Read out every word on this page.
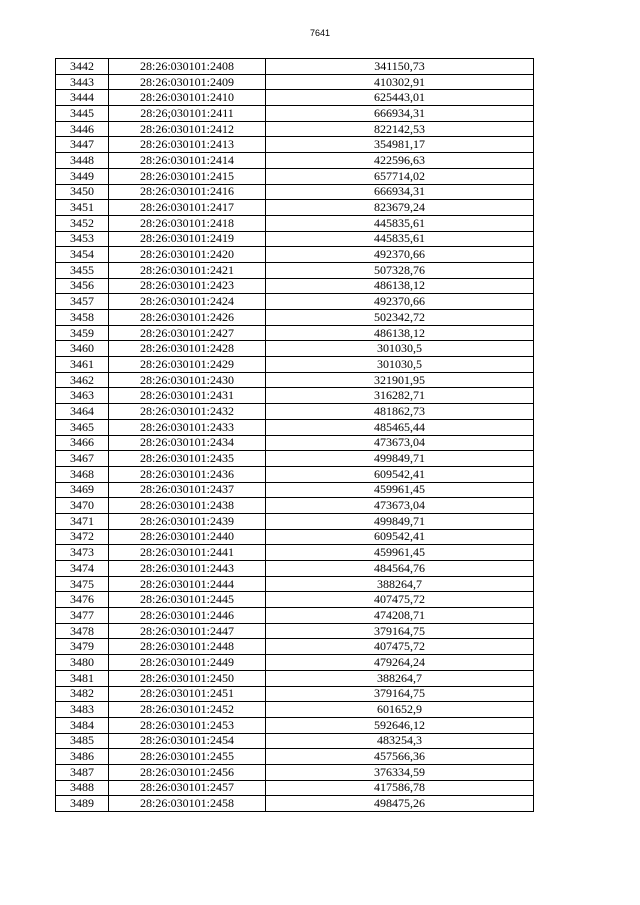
7641
3442	28:26:030101:2408	341150,73
3443	28:26:030101:2409	410302,91
3444	28:26:030101:2410	625443,01
3445	28:26;030101:2411	666934,31
3446	28:26:030101:2412	822142,53
3447	28:26:030101:2413	354981,17
3448	28:26:030101:2414	422596,63
3449	28:26:030101:2415	657714,02
3450	28:26:030101:2416	666934,31
3451	28:26:030101:2417	823679,24
3452	28:26:030101:2418	445835,61
3453	28:26:030101:2419	445835,61
3454	28:26:030101:2420	492370,66
3455	28:26:030101:2421	507328,76
3456	28:26:030101:2423	486138,12
3457	28:26:030101:2424	492370,66
3458	28:26:030101:2426	502342,72
3459	28:26:030101:2427	486138,12
3460	28:26:030101:2428	301030,5
3461	28:26:030101:2429	301030,5
3462	28:26:030101:2430	321901,95
3463	28:26:030101:2431	316282,71
3464	28:26:030101:2432	481862,73
3465	28:26:030101:2433	485465,44
3466	28:26:030101:2434	473673,04
3467	28:26:030101:2435	499849,71
3468	28:26:030101:2436	609542,41
3469	28:26:030101:2437	459961,45
3470	28:26:030101:2438	473673,04
3471	28:26:030101:2439	499849,71
3472	28:26:030101:2440	609542,41
3473	28:26:030101:2441	459961,45
3474	28:26:030101:2443	484564,76
3475	28:26:030101:2444	388264,7
3476	28:26:030101:2445	407475,72
3477	28:26:030101:2446	474208,71
3478	28:26:030101:2447	379164,75
3479	28:26:030101:2448	407475,72
3480	28:26:030101:2449	479264,24
3481	28:26:030101:2450	388264,7
3482	28:26:030101:2451	379164,75
3483	28:26:030101:2452	601652,9
3484	28:26:030101:2453	592646,12
3485	28:26:030101:2454	483254,3
3486	28:26:030101:2455	457566,36
3487	28:26:030101:2456	376334,59
3488	28:26:030101:2457	417586,78
3489	28:26:030101:2458	498475,26
